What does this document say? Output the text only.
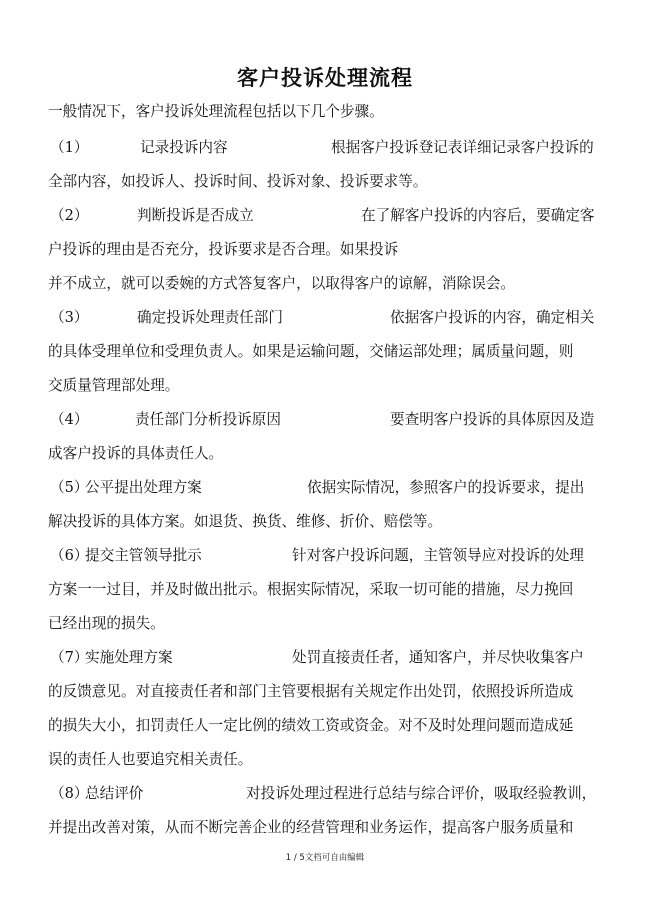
客户投诉处理流程
一般情况下，客户投诉处理流程包括以下几个步骤。
（1）	记录投诉内容	根据客户投诉登记表详细记录客户投诉的
全部内容，如投诉人、投诉时间、投诉对象、投诉要求等。
（2）	判断投诉是否成立	在了解客户投诉的内容后，要确定客
户投诉的理由是否充分，投诉要求是否合理。如果投诉
并不成立，就可以委婉的方式答复客户，以取得客户的谅解，消除误会。
（3）	确定投诉处理责任部门	依据客户投诉的内容，确定相关
的具体受理单位和受理负责人。如果是运输问题，交储运部处理；属质量问题，则
交质量管理部处理。
（4）	责任部门分析投诉原因	要查明客户投诉的具体原因及造
成客户投诉的具体责任人。
（5）
公平提出处理方案	依据实际情况，参照客户的投诉要求，提出
解决投诉的具体方案。如退货、换货、维修、折价、赔偿等。
（6）
提交主管领导批示	针对客户投诉问题，主管领导应对投诉的处理
方案一一过目，并及时做出批示。根据实际情况，采取一切可能的措施，尽力挽回
已经出现的损失。
（7）
实施处理方案	处罚直接责任者，通知客户，并尽快收集客户
的反馈意见。对直接责任者和部门主管要根据有关规定作出处罚，依照投诉所造成
的损失大小，扣罚责任人一定比例的绩效工资或资金。对不及时处理问题而造成延
误的责任人也要追究相关责任。
（8）
总结评价	对投诉处理过程进行总结与综合评价，吸取经验教训，
并提出改善对策，从而不断完善企业的经营管理和业务运作，提高客户服务质量和
1 / 5文档可自由编辑
